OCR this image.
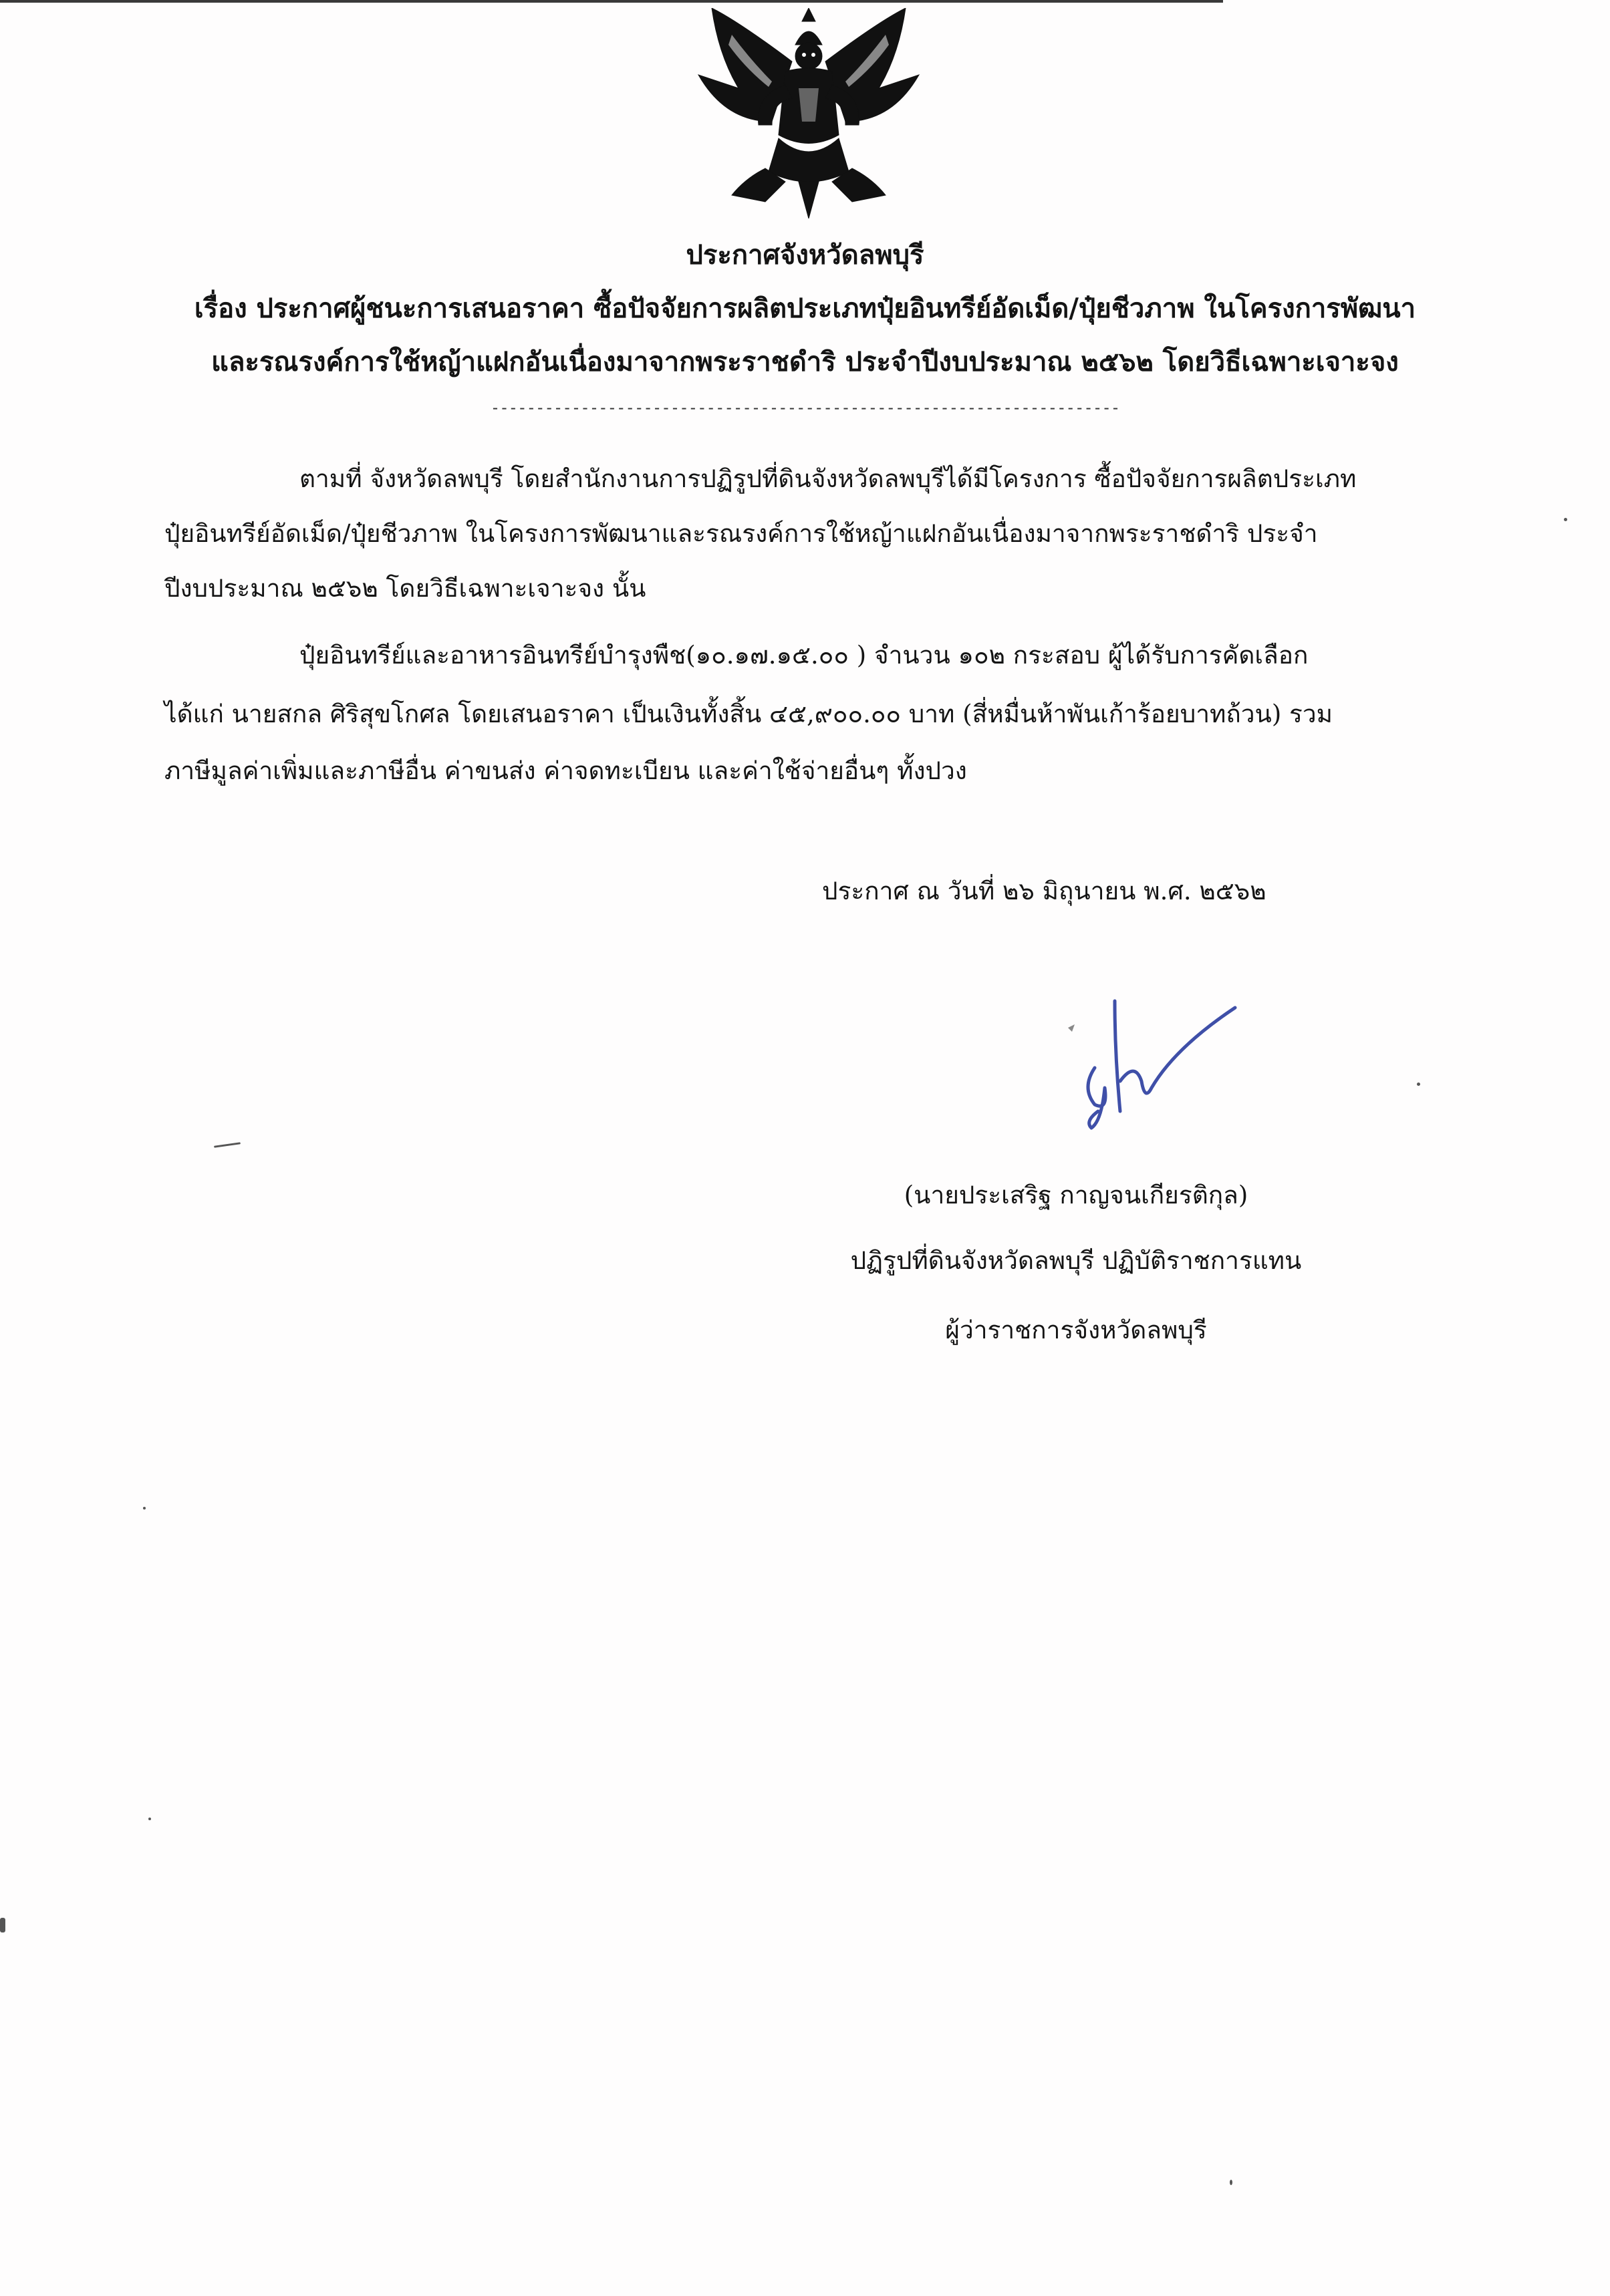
ประกาศจังหวัดลพบุรี
เรื่อง ประกาศผู้ชนะการเสนอราคา ซื้อปัจจัยการผลิตประเภทปุ๋ยอินทรีย์อัดเม็ด/ปุ๋ยชีวภาพ ในโครงการพัฒนา
และรณรงค์การใช้หญ้าแฝกอันเนื่องมาจากพระราชดำริ ประจำปีงบประมาณ ๒๕๖๒ โดยวิธีเฉพาะเจาะจง
----------------------------------------------------------------------

ตามที่ จังหวัดลพบุรี โดยสำนักงานการปฏิรูปที่ดินจังหวัดลพบุรีได้มีโครงการ ซื้อปัจจัยการผลิตประเภท

ปุ๋ยอินทรีย์อัดเม็ด/ปุ๋ยชีวภาพ ในโครงการพัฒนาและรณรงค์การใช้หญ้าแฝกอันเนื่องมาจากพระราชดำริ ประจำ

ปีงบประมาณ ๒๕๖๒ โดยวิธีเฉพาะเจาะจง นั้น

ปุ๋ยอินทรีย์และอาหารอินทรีย์บำรุงพืช(๑๐.๑๗.๑๕.๐๐ ) จำนวน ๑๐๒ กระสอบ ผู้ได้รับการคัดเลือก

ได้แก่ นายสกล ศิริสุขโกศล โดยเสนอราคา เป็นเงินทั้งสิ้น ๔๕,๙๐๐.๐๐ บาท (สี่หมื่นห้าพันเก้าร้อยบาทถ้วน) รวม

ภาษีมูลค่าเพิ่มและภาษีอื่น ค่าขนส่ง ค่าจดทะเบียน และค่าใช้จ่ายอื่นๆ ทั้งปวง

ประกาศ ณ วันที่ ๒๖ มิถุนายน พ.ศ. ๒๕๖๒
(นายประเสริฐ กาญจนเกียรติกุล)
ปฏิรูปที่ดินจังหวัดลพบุรี ปฏิบัติราชการแทน
ผู้ว่าราชการจังหวัดลพบุรี
